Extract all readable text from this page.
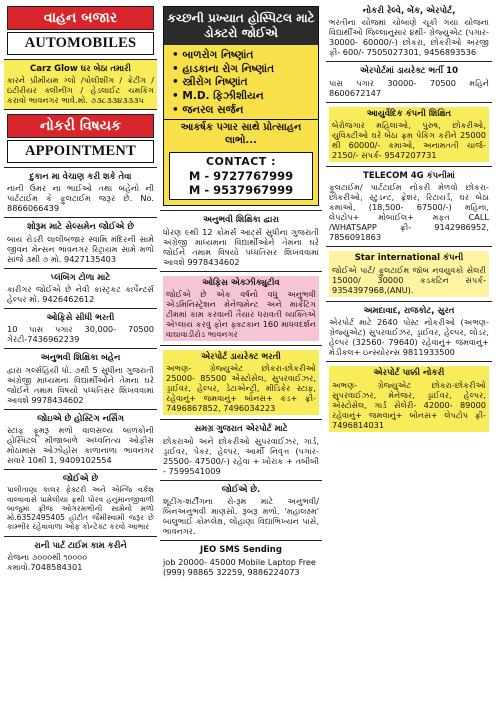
વાહન બજાર
AUTOMOBILES
Carz Glow ઘર બેઠા તમારી
કારને પ્રીમીયમ ગ્લો /પોલીશીંગ / ક્રેટીંગ /ઇંટીરીયર ક્લીનીંગ / હેડલાઈટ ચમકિંગ કરાવો ભાવનગર ભાવે.મો. ૭૩૮૩૩૪૩૩૩૫
નોકરી વિષયક
APPOINTMENT
દુકાન મા વેચાણ કરી શકે તેવા
નાની ઉંમર ના ભાઈઓ તથા બહેનો ની પાર્ટટાઈમ કે ફુલટાઈમ જરૂર છે. No. 8866066439
શોરૂમ માટે સેલ્સમેન જોઈએ છે
બાય રોડરી લાલીબજાર સ્વામિ મંદિરની સામે જીવન મેન્સન ભાવનગર રિટ્રાયમ સામે મળો સાંજે ૩થી ૭ મો. 9427135403
પ્લંબિંગ ટોળા માટે
કારીગર જોઈએ છે નેવી કાસ્ટ્રકટ કાર્પેન્ટર્સ હેલ્પર મો. 9426462612
ઓફિસે સીધી ભરતી
10 પાસ પગાર 30,000- 70500 ગેરંટી-7436962239
અનુભવી શિક્ષિકા બહેન
દ્વારા ગર્લ્સહિયી ધો. ૭થી 5 સુધીના ગુજરાતી અંગ્રેજી માધ્યમના વિદ્યાર્થીઓને તેમના ઘરે જોઈને તમામ વિષયો પધ્ધતિસર શિખવવામાં આવશે 9978434602
જોઇએ છે હોસ્ટિંગ નર્સિંગ
સ્ટાફ ફૂમરૂ મળો વાલસલ્ય બાળકોની હોસ્પિટલ મીજાબાળે અધ્વનિત્ય ઓફીસ મોઠામાસ ઓઝોહોસ કાળાનાળા ભાવનગર સવારે 10થી 1, 9409102554
જોઈએ છે
પાલીતાણા કાલર ફેક્ટરી અને એન્જિ વર્કશ વાલ્વાવાસે પામેલીયા ફ્રથી પોરવ હનુમાનજીવાળી બાજુમાં ફ્રીજ ઓગરમભીની સામેનો મળો મો.6352495405 હૉટીત જૈમીસ્વામી જરૂર છે કામ્ભીર રહેવાવાળા ઓફ કોન્ટેક્ટ કરવો આભાર
રાની પાર્ટ ટાઈમ કામ કરીને
રોજના ૭૦૦૦થી ૧૦૦૦૦ કમાવો.7048584301
કચ્છની પ્રખ્યાત હોસ્પિટલ માટે ડોક્ટરો જોઈએ
• બાળરોગ નિષ્ણાંત
• હાડકાના રોગ નિષ્ણાંત
• સ્ત્રીરોગ નિષ્ણાંત
• M.D. ફિઝીશીયન
• જનરલ સર્જન
આકર્ષક પગાર સાથે પ્રોત્સાહન લાભો...
CONTACT :
M - 9727767999
M - 9537967999
અનુભવી શિક્ષિકા દ્વારા
ધોરણ ૯થી 12 કોમર્સ આર્ટ્સ સુધીના ગુજરાતી અંગ્રેજી માધ્યમના વિદ્યાર્થીઓને તેમના ઘરે જોઈને તમામ વિષયો પધ્ધતિસર શિખવવામાં આવશે 9978434602
ઓફિસ એક્ઝીક્યુટીવ
જોઈએ છે એક વર્ષનો વધુ અનુભવી એડમિનિસ્ટ્રેશન મેનેજમેન્ટ અને માર્કેટિંગ ટીમમાં કામ કરવાની તૈયાર ધરાવતી વ્યક્તિએ એપ્લાય કરવું ફોન ફ્ક્ટકાન 160 માધવદર્શન વાઘાવાડીરોડ ભાવનગર
એરપોર્ટ ડાયરેક્ટ ભરતી
અભણ- ગ્રેજ્યુએટ છોકરા-છોકરીઓ 25000- 85500 એસ્ટોસેલ, સુપરવાઈઝર, ડ્રાઈવર, હેલ્પર, ડેટાએન્ટ્રી, મીડિકેર સ્ટાફ, રહેવાનું+ જમવાનું+ બોનસ+ કંડ+ ફ્રી- 7496867852, 7496034223
સમગ્ર ગુજરાત એરપોર્ટ માટે
છોકરાઓ અને છોકરીઓ સુપરવાઈઝર, ગાર્ડ, ડ્રાઈવર, પેકર, હેલ્પર, આર્મી નિવૃત્ત (પગાર- 25500- 47500/-) રહેવા + ખોરાક + તબીબી - 7599541009
જોઈએ છે.
શૂટીંગ-શર્ટીંગના રો-રૂમ માટે અનુભવી/ બિનઅનુભવી માણસો. રૂબરૂ મળો. 'મહાલક્ષ્મ' બાલુભાઈ કોમ્પ્લેક્ષ, લોહાણા વિદ્યાભિખ્યન પાસે, ભાવનગર.
JEO SMS Sending
job 20000- 45000 Mobile Laptop Free (999) 98865 32259, 9886224073
નોકરી રેલ્વે, બેંક, એરપોર્ટ,
ભરતીના યોજમાં ચોબાણે ચૂકી ગયા યોજના વિદ્યાર્થીઓ જિલ્લાનુસાર ૪થી- ગ્રેજ્યુએટ (પગાર- 30000- 60000/-) છોકરા, છોકરીઓ અરજી ફી- 600/- 7505027301, 9456893536
એરપોર્ટમાં ડાયરેક્ટ ભર્તી 10
પાસ પગાર 30000- 70500 મહિને 8600672147
આયુર્વેદિક કંપની શિક્ષિત
બેરોજગાર મહિલાઓ, પુરુષ, છોકરીઓ, યુવિક્ટીઓ ઘરે બેઠા ફ્રમ પેકિંગ કરીને 25000 થી 60000/- કમાઓ, અનામતતી ચાર્જ- 2150/- સંપર્ક- 9547207731
TELECOM 4G કંપનીમાં
ફુલટાઈમ/ પાર્ટટાઈમ નોકરી મેળવો છોકરા-છોકરીઓ, સ્ટુડન્ટ, ફ્રેશર, રિટાયર્ડ, ઘર બેઠા કમાઓ, (18,500- 67500/-) મહિના, લેપટોપ+ મોબાઈલ+ મફત CALL /WHATSAPP ફ્રી- 9142986952, 7856091863
Star international કંપની
જોઈએ પાર્ટ/ ફુલટાઈમ જૉબ નવયુવકો સેલરી 15000/ 30000 કડકટિન સંપર્ક- 9354397968,(ANU).
અમદાવાદ, રાજકોટ, સુરત
એરપોર્ટ માટે 2640 પોસ્ટ નોકરીઓ (અભણ- ગ્રેજ્યુએટ) સુપરવાઈઝર, ડ્રાઈવર, હેલ્પર, લોડર, હેલ્પર (32560- 79640) રહેવાનું+ જમવાનું+ મેડીકલ+ ઇન્સ્યોરન્સ 9811933500
એરપોર્ટ પાક્કી નોકરી
અભણ- ગ્રેજ્યુએટ છોકરા-છોકરીઓ સુપરવાઈઝર, મેનેજર, ડ્રાઈવર, હેલ્પર, એસ્ટોસેલ, ગાર્ડ સેલેરી- 42000- 89000 રહેવાનું+ જમવાનું+ બોનસ+ લેપટોપ ફ્રી- 7496814031
